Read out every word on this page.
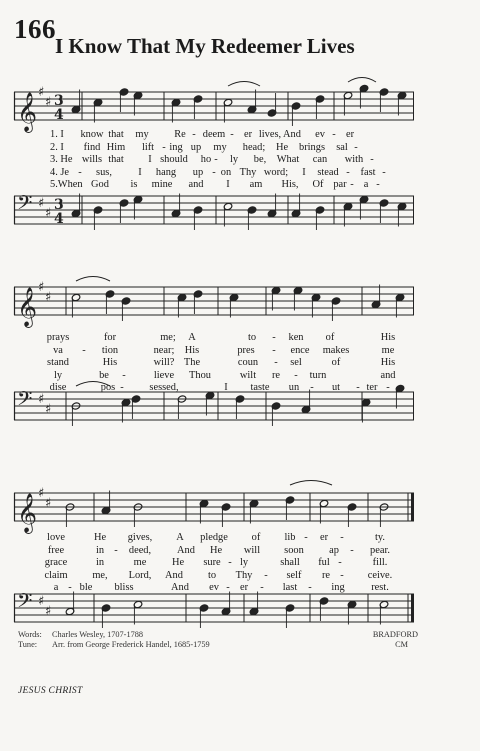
166
I Know That My Redeemer Lives
𝄞 ♯
♯ 3
4
𝄢 ♯
♯
3
4
𝄞 ♯
♯
𝄢 ♯
♯
𝄞 ♯
♯
𝄢 ♯
♯
1. I know that my Re - deem - er lives, And ev - er
2. I find Him lift - ing up my head; He brings sal -
3. He wills that I should ho - ly be, What can with -
4. Je - sus,	I hang up - on Thy word; I stead - fast -
5.When God is mine and I am His, Of par - a -
prays	for	me; A	to - ken of	His
va - tion	near; His	pres - ence makes	me
stand	His	will? The	coun - sel	of	His
ly	be -	lieve Thou	wilt re - turn	and
dise	pos - sessed,	I taste un - ut - ter -
love	He gives, A pledge of lib - er -	ty.
free	in - deed, And He will soon ap - pear.
grace	in	me He sure - ly	shall ful -	fill.
claim me, Lord, And to Thy - self re - ceive.
a - ble bliss	And ev - er - last - ing	rest.
Words: Charles Wesley, 1707-1788
Tune: Arr. from George Frederick Handel, 1685-1759
BRADFORD
CM
JESUS CHRIST
